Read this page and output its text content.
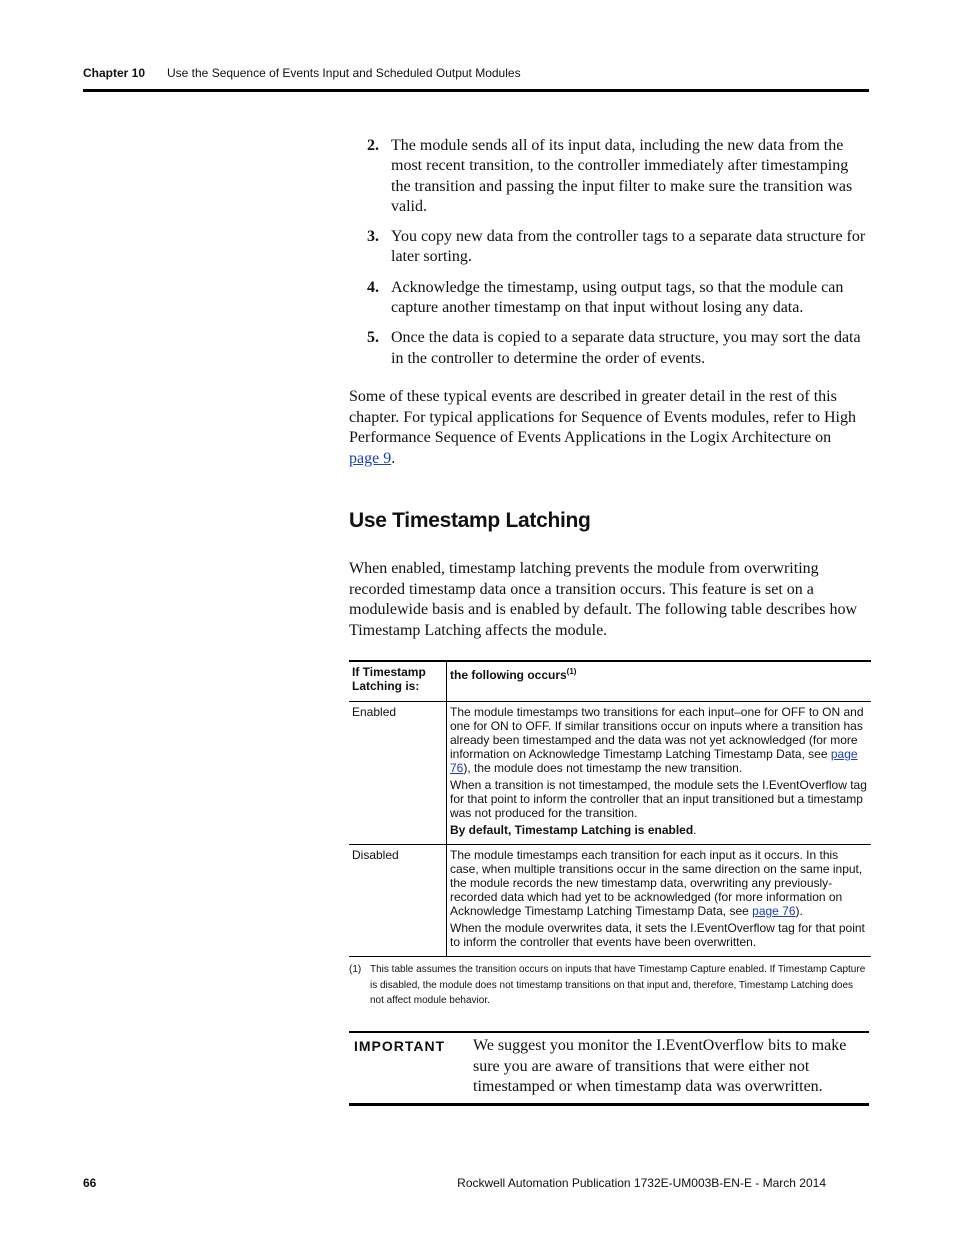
Chapter 10 Use the Sequence of Events Input and Scheduled Output Modules
2. The module sends all of its input data, including the new data from the most recent transition, to the controller immediately after timestamping the transition and passing the input filter to make sure the transition was valid.
3. You copy new data from the controller tags to a separate data structure for later sorting.
4. Acknowledge the timestamp, using output tags, so that the module can capture another timestamp on that input without losing any data.
5. Once the data is copied to a separate data structure, you may sort the data in the controller to determine the order of events.

Some of these typical events are described in greater detail in the rest of this chapter. For typical applications for Sequence of Events modules, refer to High Performance Sequence of Events Applications in the Logix Architecture on page 9.

Use Timestamp Latching

When enabled, timestamp latching prevents the module from overwriting recorded timestamp data once a transition occurs. This feature is set on a modulewide basis and is enabled by default. The following table describes how Timestamp Latching affects the module.

If Timestamp Latching is:	the following occurs$^{(1)}$
Enabled	The module timestamps two transitions for each input–one for OFF to ON and one for ON to OFF. If similar transitions occur on inputs where a transition has already been timestamped and the data was not yet acknowledged (for more information on Acknowledge Timestamp Latching Timestamp Data, see page 76), the module does not timestamp the new transition.

When a transition is not timestamped, the module sets the I.EventOverflow tag for that point to inform the controller that an input transitioned but a timestamp was not produced for the transition.

By default, Timestamp Latching is enabled.

Disabled	The module timestamps each transition for each input as it occurs. In this case, when multiple transitions occur in the same direction on the same input, the module records the new timestamp data, overwriting any previously-recorded data which had yet to be acknowledged (for more information on Acknowledge Timestamp Latching Timestamp Data, see page 76).

When the module overwrites data, it sets the I.EventOverflow tag for that point to inform the controller that events have been overwritten.

(1) This table assumes the transition occurs on inputs that have Timestamp Capture enabled. If Timestamp Capture is disabled, the module does not timestamp transitions on that input and, therefore, Timestamp Latching does not affect module behavior.
IMPORTANT We suggest you monitor the I.EventOverflow bits to make sure you are aware of transitions that were either not timestamped or when timestamp data was overwritten.
66	Rockwell Automation Publication 1732E-UM003B-EN-E - March 2014
